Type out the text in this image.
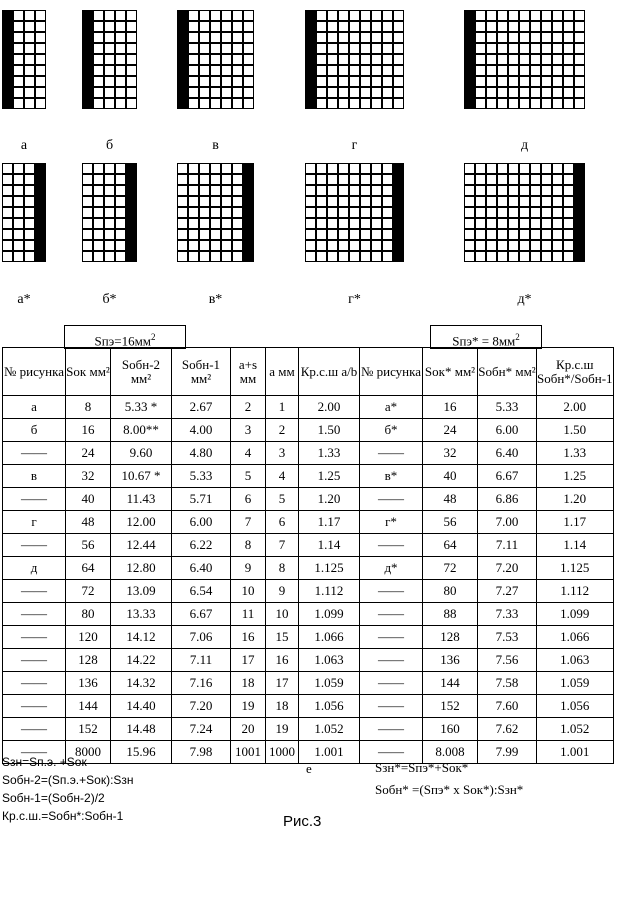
а	б	в	г	д
а*	б*	в*	г*	д*
$Sпэ=16мм^2$	$Sпэ* = 8мм^2$
№ рисунка	Sок мм²	Sобн-2 мм²	Sобн-1 мм²	a+s мм	а мм	Кр.с.ш а/b	№ рисунка	Sок* мм²	Sобн* мм²	Кр.с.ш Sобн*/Sобн-1
а	8	5.33 *	2.67	2	1	2.00	а*	16	5.33	2.00
б	16	8.00**	4.00	3	2	1.50	б*	24	6.00	1.50
——	24	9.60	4.80	4	3	1.33	——	32	6.40	1.33
в	32	10.67 *	5.33	5	4	1.25	в*	40	6.67	1.25
——	40	11.43	5.71	6	5	1.20	——	48	6.86	1.20
г	48	12.00	6.00	7	6	1.17	г*	56	7.00	1.17
——	56	12.44	6.22	8	7	1.14	——	64	7.11	1.14
д	64	12.80	6.40	9	8	1.125	д*	72	7.20	1.125
——	72	13.09	6.54	10	9	1.112	——	80	7.27	1.112
——	80	13.33	6.67	11	10	1.099	——	88	7.33	1.099
——	120	14.12	7.06	16	15	1.066	——	128	7.53	1.066
——	128	14.22	7.11	17	16	1.063	——	136	7.56	1.063
——	136	14.32	7.16	18	17	1.059	——	144	7.58	1.059
——	144	14.40	7.20	19	18	1.056	——	152	7.60	1.056
——	152	14.48	7.24	20	19	1.052	——	160	7.62	1.052
——	8000	15.96	7.98	1001	1000	1.001	——	8.008	7.99	1.001
Sзн=Sп.э. +Sок
Sобн-2=(Sп.э.+Sок):Sзн
Sобн-1=(Sобн-2)/2
Кр.с.ш.=Sобн*:Sобн-1
е	Sзн*=Sпэ*+Sок*
Sобн* =(Sпэ* x Sок*):Sзн*
Рис.3
